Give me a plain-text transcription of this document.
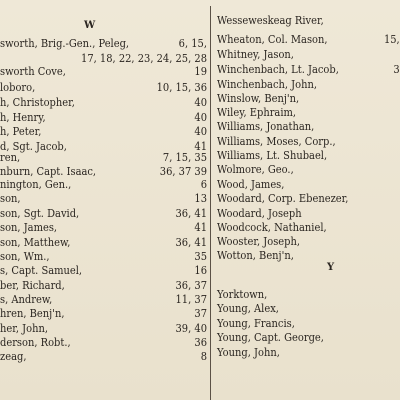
W
sworth, Brig.-Gen., Peleg,	6, 15,
17, 18, 22, 23, 24, 25, 28
sworth Cove,	19
loboro,	10, 15, 36
h, Christopher,	40
h, Henry,	40
h, Peter,	40
d, Sgt. Jacob,	41
ren,	7, 15, 35
nburn, Capt. Isaac,	36, 37 39
nington, Gen.,	6
son,	13
son, Sgt. David,	36, 41
son, James,	41
son, Matthew,	36, 41
son, Wm.,	35
s, Capt. Samuel,	16
ber, Richard,	36, 37
s, Andrew,	11, 37
hren, Benj'n,	37
her, John,	39, 40
derson, Robt.,	36
zeag,	8
Y
Wesseweskeag River,
Wheaton, Col. Mason,	15,
Whitney, Jason,
Winchenbach, Lt. Jacob,	3
Winchenbach, John,
Winslow, Benj'n,
Wiley, Ephraim,
Williams, Jonathan,
Williams, Moses, Corp.,
Williams, Lt. Shubael,
Wolmore, Geo.,
Wood, James,
Woodard, Corp. Ebenezer,
Woodard, Joseph
Woodcock, Nathaniel,
Wooster, Joseph,
Wotton, Benj'n,
Yorktown,
Young, Alex,
Young, Francis,
Young, Capt. George,
Young, John,
